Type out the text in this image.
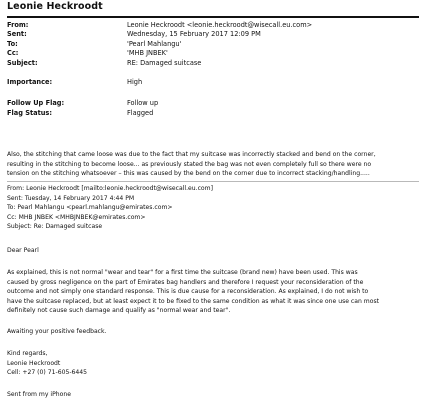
Leonie Heckroodt
From:	Leonie Heckroodt <leonie.heckroodt@wisecall.eu.com>
Sent:	Wednesday, 15 February 2017 12:09 PM
To:	'Pearl Mahlangu'
Cc:	'MHB JNBEK'
Subject:	RE: Damaged suitcase
Importance:	High
Follow Up Flag:	Follow up
Flag Status:	Flagged
Also, the stitching that came loose was due to the fact that my suitcase was incorrectly stacked and bend on the corner,
resulting in the stitching to become loose... as previously stated the bag was not even completely full so there were no
tension on the stitching whatsoever – this was caused by the bend on the corner due to incorrect stacking/handling.....
From: Leonie Heckroodt [mailto:leonie.heckroodt@wisecall.eu.com]
Sent: Tuesday, 14 February 2017 4:44 PM
To: Pearl Mahlangu <pearl.mahlangu@emirates.com>
Cc: MHB JNBEK <MHBJNBEK@emirates.com>
Subject: Re: Damaged suitcase
Dear Pearl
As explained, this is not normal "wear and tear" for a first time the suitcase (brand new) have been used. This was
caused by gross negligence on the part of Emirates bag handlers and therefore I request your reconsideration of the
outcome and not simply one standard response. This is due cause for a reconsideration. As explained, I do not wish to
have the suitcase replaced, but at least expect it to be fixed to the same condition as what it was since one use can most
definitely not cause such damage and qualify as "normal wear and tear".
Awaiting your positive feedback.
Kind regards,
Leonie Heckroodt
Cell: +27 (0) 71-605-6445
Sent from my iPhone
